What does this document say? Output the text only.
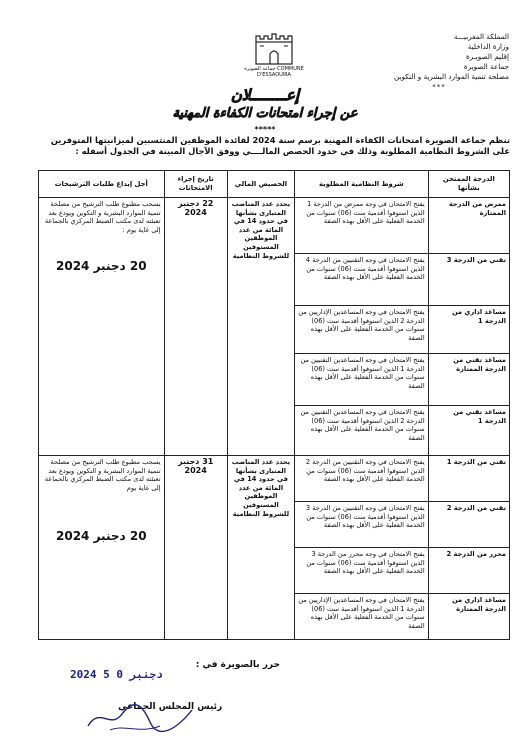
المملكة المغربيـــة
وزارة الداخلية
إقليم الصويـرة
جماعة الصويرة
مصلحة تنمية الموارد البشرية و التكوين
***
جماعة الصويرة COMMUNE D'ESSAOUIRA
إعــــــــلان
عن إجراء امتحانات الكفاءة المهنية
*****
تنظم جماعة الصويرة امتحانات الكفاءة المهنية برسم سنة 2024 لفائدة الموظفين المنتسبين لميزانيتها المتوفرين على الشروط النظامية المطلوبة وذلك في حدود الحصص المالــــي ووفق الآجال المبينة في الجدول أسفله :
الدرجة الممتحن بشأنها	شروط النظامية المطلوبة	الحصيص المالي	تاريخ إجراء الامتحانات	أجل إيداع طلبات الترشيحات
ممرض من الدرجة الممتازة	يفتح الامتحان في وجه ممرض من الدرجة 1 الذين استوفوا أقدمية ست (06) سنوات من الخدمة الفعلية على الأقل بهذه الصفة	يحدد عدد المناصب المتبارى بشأنها في حدود 14 في المائة من عدد الموظفين المستوفين للشروط النظامية	22 دجنبر 2024	يسحب مطبوع طلب الترشيح من مصلحة تنمية الموارد البشرية و التكوين ويودع بعد تعبئته لدى مكتب الضبط المركزي بالجماعة إلى غاية يوم :
20 دجنبر 2024

تقني من الدرجة 3	يفتح الامتحان في وجه التقنيين من الدرجة 4 الذين استوفوا أقدمية ست (06) سنوات من الخدمة الفعلية على الأقل بهذه الصفة			
مساعد اداري من الدرجة 1	يفتح الامتحان في وجه المساعدين الإداريين من الدرجة 2 الذين استوفوا أقدمية ست (06) سنوات من الخدمة الفعلية على الأقل بهذه الصفة			
مساعد تقني من الدرجة الممتازة	يفتح الامتحان في وجه المساعدين التقنيين من الدرجة 1 الذين استوفوا أقدمية ست (06) سنوات من الخدمة الفعلية على الأقل بهذه الصفة			
مساعد تقني من الدرجة 1	يفتح الامتحان في وجه المساعدين التقنيين من الدرجة 2 الذين استوفوا أقدمية ست (06) سنوات من الخدمة الفعلية على الأقل بهذه الصفة			
تقني من الدرجة 1	يفتح الامتحان في وجه التقنيين من الدرجة 2 الذين استوفوا أقدمية ست (06) سنوات من الخدمة الفعلية على الأقل بهذه الصفة	يحدد عدد المناصب المتبارى بشأنها في حدود 14 في المائة من عدد الموظفين المستوفين للشروط النظامية	31 دجنبر 2024	يسحب مطبوع طلب الترشيح من مصلحة تنمية الموارد البشرية و التكوين ويودع بعد تعبئته لدى مكتب الضبط المركزي بالجماعة إلى غاية يوم
20 دجنبر 2024

تقني من الدرجة 2	يفتح الامتحان في وجه التقنيين من الدرجة 3 الذين استوفوا أقدمية ست (06) سنوات من الخدمة الفعلية على الأقل بهذه الصفة			
محرر من الدرجة 2	يفتح الامتحان في وجه محرر من الدرجة 3 الذين استوفوا أقدمية ست (06) سنوات من الخدمة الفعلية على الأقل بهذه الصفة			
مساعد اداري من الدرجة الممتازة	يفتح الامتحان في وجه المساعدين الإداريين من الدرجة 1 الذين استوفوا أقدمية ست (06) سنوات من الخدمة الفعلية على الأقل بهذه الصفة			
حرر بالصويرة في :
2024 دجنبر 0 5
رئيس المجلس الجماعي
